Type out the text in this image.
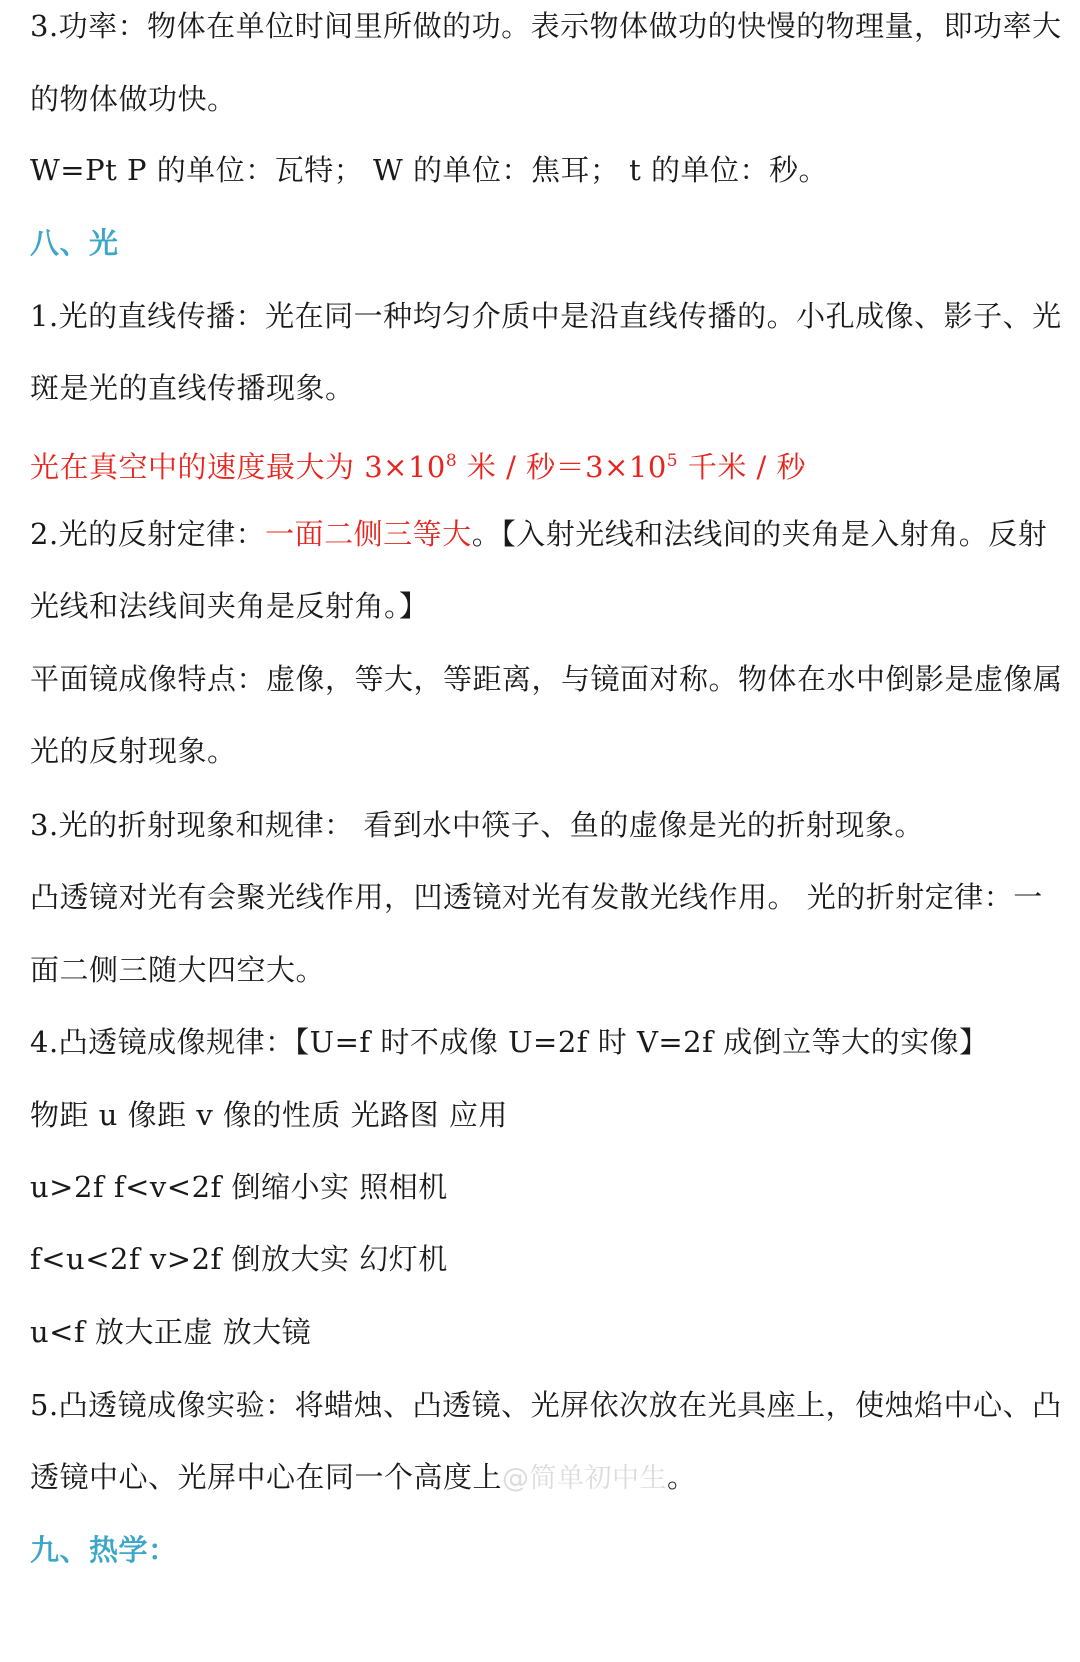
3.功率：物体在单位时间里所做的功。表示物体做功的快慢的物理量，即功率大
的物体做功快。
W=Pt P 的单位：瓦特； W 的单位：焦耳； t 的单位：秒。
八、光
1.光的直线传播：光在同一种均匀介质中是沿直线传播的。小孔成像、影子、光
斑是光的直线传播现象。
光在真空中的速度最大为 $3\times 10^8$ 米 / 秒$=3\times 10^5$ 千米 / 秒
2.光的反射定律：一面二侧三等大。【入射光线和法线间的夹角是入射角。反射
光线和法线间夹角是反射角。】
平面镜成像特点：虚像，等大，等距离，与镜面对称。物体在水中倒影是虚像属
光的反射现象。
3.光的折射现象和规律： 看到水中筷子、鱼的虚像是光的折射现象。
凸透镜对光有会聚光线作用，凹透镜对光有发散光线作用。 光的折射定律：一
面二侧三随大四空大。
4.凸透镜成像规律：【U=f 时不成像 U=2f 时 V=2f 成倒立等大的实像】
物距 u 像距 v 像的性质 光路图 应用
u>2f f<v<2f 倒缩小实 照相机
f<u<2f v>2f 倒放大实 幻灯机
u<f 放大正虚 放大镜
5.凸透镜成像实验：将蜡烛、凸透镜、光屏依次放在光具座上，使烛焰中心、凸
透镜中心、光屏中心在同一个高度上@简单初中生。
九、热学：
